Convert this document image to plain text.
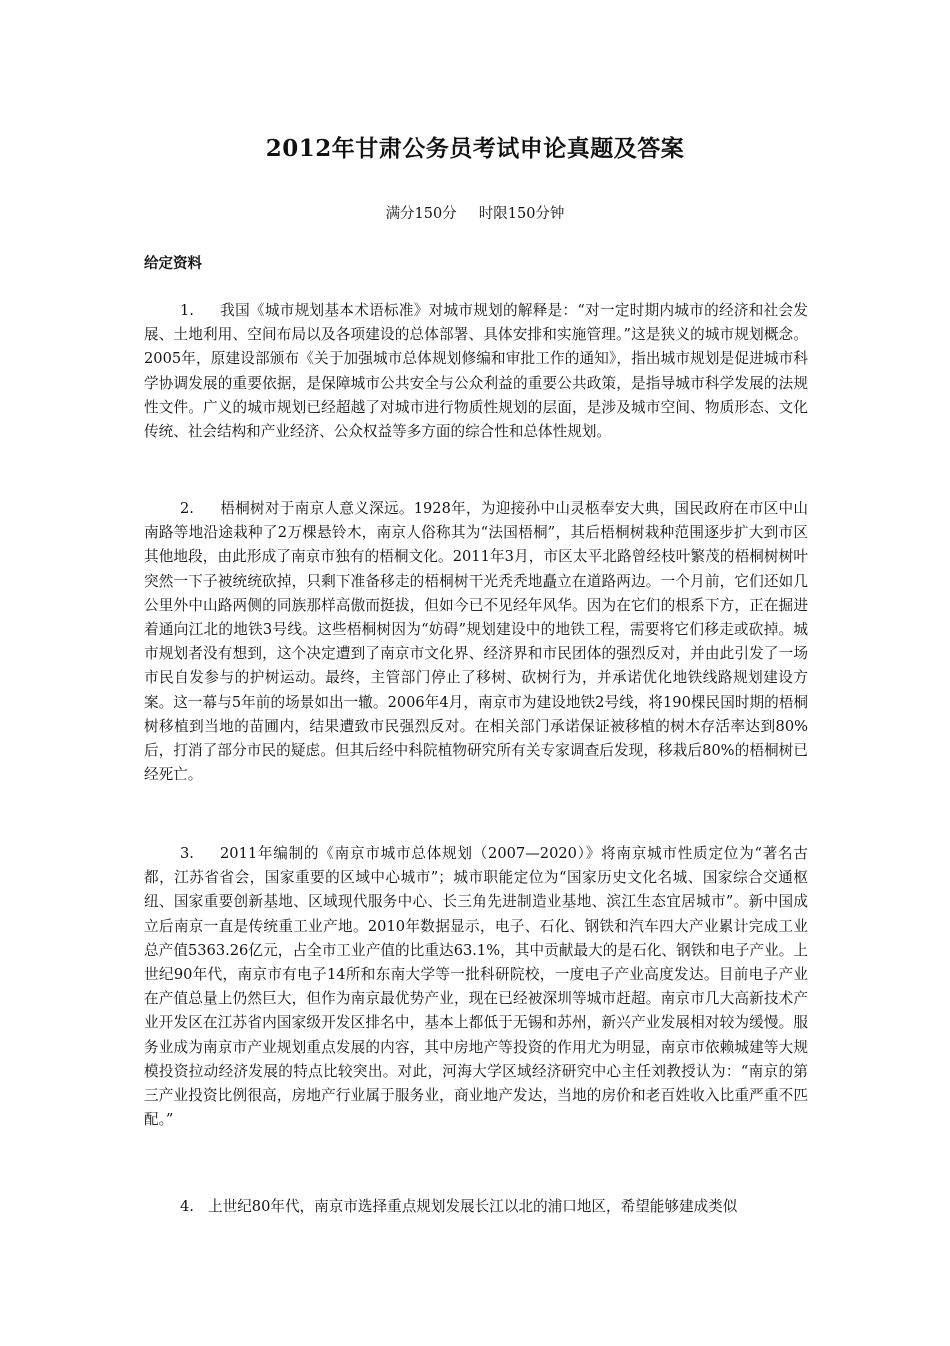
2012年甘肃公务员考试申论真题及答案
满分150分 时限150分钟
给定资料

1. 我国《城市规划基本术语标准》对城市规划的解释是：“对一定时期内城市的经济和社会发展、土地利用、空间布局以及各项建设的总体部署、具体安排和实施管理。”这是狭义的城市规划概念。2005年，原建设部颁布《关于加强城市总体规划修编和审批工作的通知》，指出城市规划是促进城市科学协调发展的重要依据，是保障城市公共安全与公众利益的重要公共政策，是指导城市科学发展的法规性文件。广义的城市规划已经超越了对城市进行物质性规划的层面，是涉及城市空间、物质形态、文化传统、社会结构和产业经济、公众权益等多方面的综合性和总体性规划。

2. 梧桐树对于南京人意义深远。1928年，为迎接孙中山灵柩奉安大典，国民政府在市区中山南路等地沿途栽种了2万棵悬铃木，南京人俗称其为“法国梧桐”，其后梧桐树栽种范围逐步扩大到市区其他地段，由此形成了南京市独有的梧桐文化。2011年3月，市区太平北路曾经枝叶繁茂的梧桐树树叶突然一下子被统统砍掉，只剩下准备移走的梧桐树干光秃秃地矗立在道路两边。一个月前，它们还如几公里外中山路两侧的同族那样高傲而挺拔，但如今已不见经年风华。因为在它们的根系下方，正在掘进着通向江北的地铁3号线。这些梧桐树因为“妨碍”规划建设中的地铁工程，需要将它们移走或砍掉。城市规划者没有想到，这个决定遭到了南京市文化界、经济界和市民团体的强烈反对，并由此引发了一场市民自发参与的护树运动。最终，主管部门停止了移树、砍树行为，并承诺优化地铁线路规划建设方案。这一幕与5年前的场景如出一辙。2006年4月，南京市为建设地铁2号线，将190棵民国时期的梧桐树移植到当地的苗圃内，结果遭致市民强烈反对。在相关部门承诺保证被移植的树木存活率达到80%后，打消了部分市民的疑虑。但其后经中科院植物研究所有关专家调查后发现，移栽后80%的梧桐树已经死亡。

3. 2011年编制的《南京市城市总体规划（2007—2020）》将南京城市性质定位为“著名古都，江苏省省会，国家重要的区域中心城市”；城市职能定位为“国家历史文化名城、国家综合交通枢纽、国家重要创新基地、区域现代服务中心、长三角先进制造业基地、滨江生态宜居城市”。新中国成立后南京一直是传统重工业产地。2010年数据显示，电子、石化、钢铁和汽车四大产业累计完成工业总产值5363.26亿元，占全市工业产值的比重达63.1%，其中贡献最大的是石化、钢铁和电子产业。上世纪90年代，南京市有电子14所和东南大学等一批科研院校，一度电子产业高度发达。目前电子产业在产值总量上仍然巨大，但作为南京最优势产业，现在已经被深圳等城市赶超。南京市几大高新技术产业开发区在江苏省内国家级开发区排名中，基本上都低于无锡和苏州，新兴产业发展相对较为缓慢。服务业成为南京市产业规划重点发展的内容，其中房地产等投资的作用尤为明显，南京市依赖城建等大规模投资拉动经济发展的特点比较突出。对此，河海大学区域经济研究中心主任刘教授认为：“南京的第三产业投资比例很高，房地产行业属于服务业，商业地产发达，当地的房价和老百姓收入比重严重不匹配。”

4. 上世纪80年代，南京市选择重点规划发展长江以北的浦口地区，希望能够建成类似
